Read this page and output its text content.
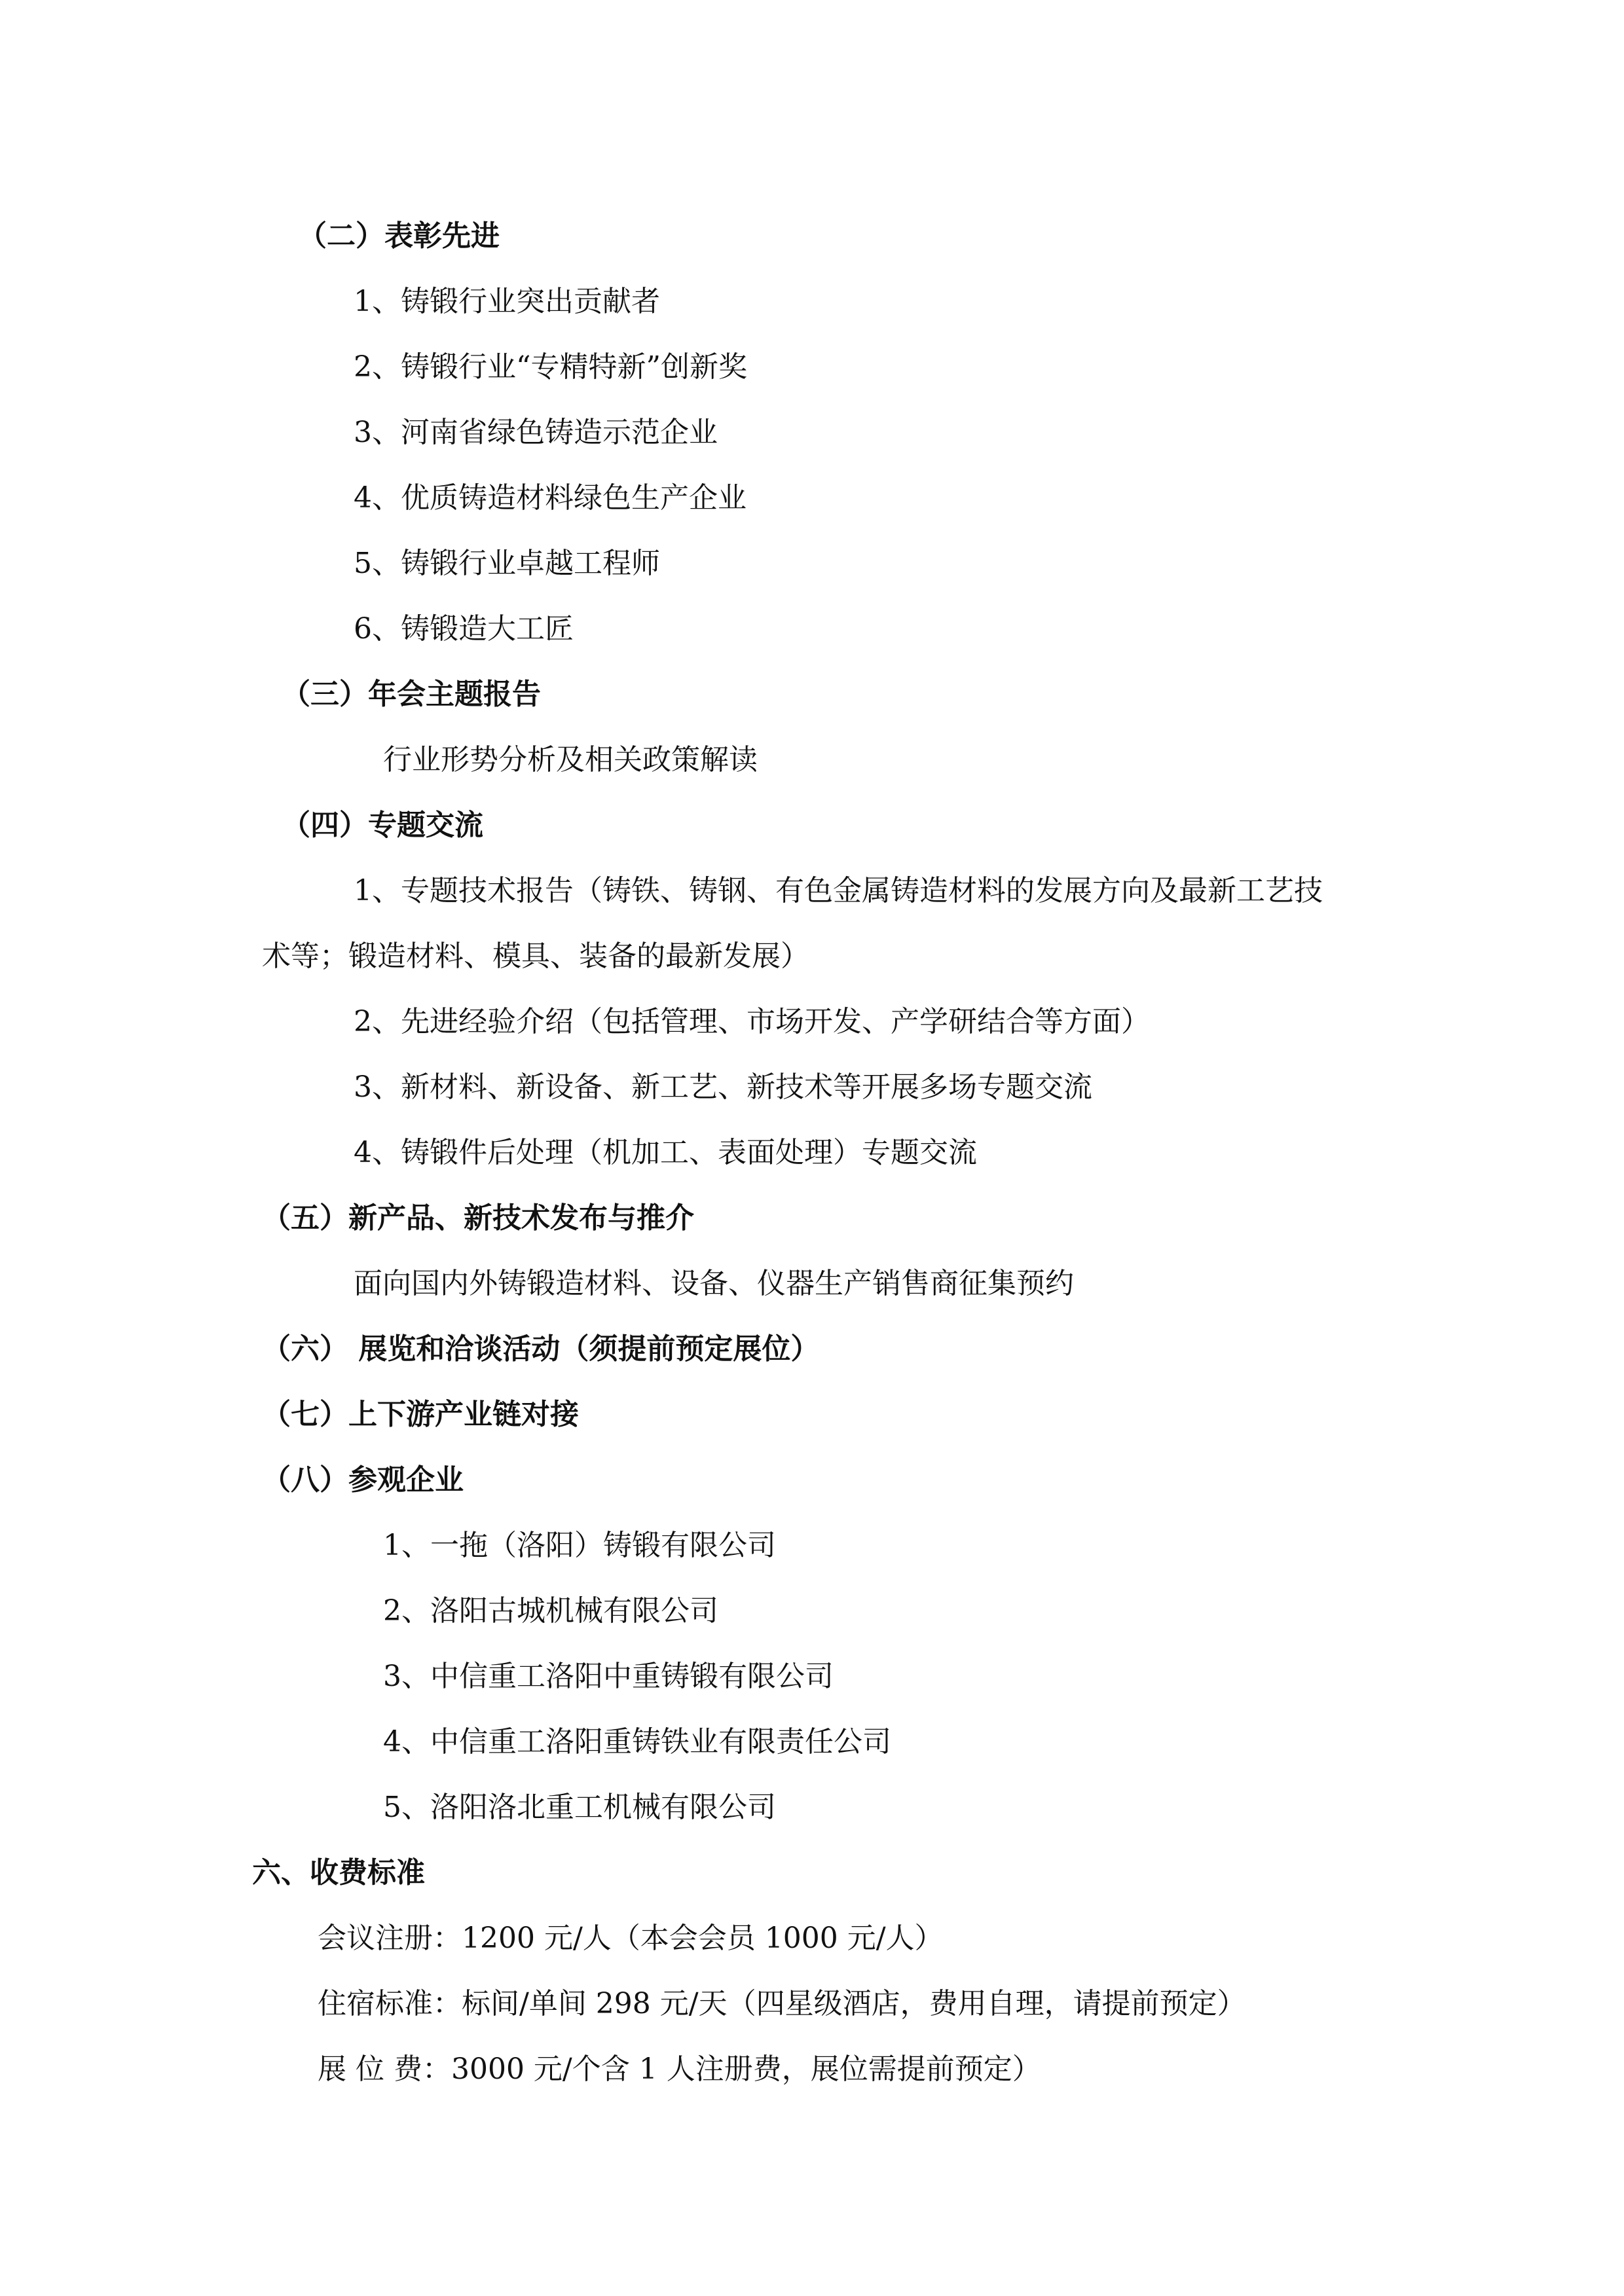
（二）表彰先进
1、铸锻行业突出贡献者
2、铸锻行业“专精特新”创新奖
3、河南省绿色铸造示范企业
4、优质铸造材料绿色生产企业
5、铸锻行业卓越工程师
6、铸锻造大工匠
（三）年会主题报告
行业形势分析及相关政策解读
（四）专题交流
1、专题技术报告（铸铁、铸钢、有色金属铸造材料的发展方向及最新工艺技
术等；锻造材料、模具、装备的最新发展）
2、先进经验介绍（包括管理、市场开发、产学研结合等方面）
3、新材料、新设备、新工艺、新技术等开展多场专题交流
4、铸锻件后处理（机加工、表面处理）专题交流
（五）新产品、新技术发布与推介
面向国内外铸锻造材料、设备、仪器生产销售商征集预约
（六） 展览和洽谈活动（须提前预定展位）
（七）上下游产业链对接
（八）参观企业
1、一拖（洛阳）铸锻有限公司
2、洛阳古城机械有限公司
3、中信重工洛阳中重铸锻有限公司
4、中信重工洛阳重铸铁业有限责任公司
5、洛阳洛北重工机械有限公司
六、收费标准
会议注册：1200 元/人（本会会员 1000 元/人）
住宿标准：标间/单间 298 元/天（四星级酒店，费用自理，请提前预定）
展 位 费：3000 元/个含 1 人注册费，展位需提前预定）
